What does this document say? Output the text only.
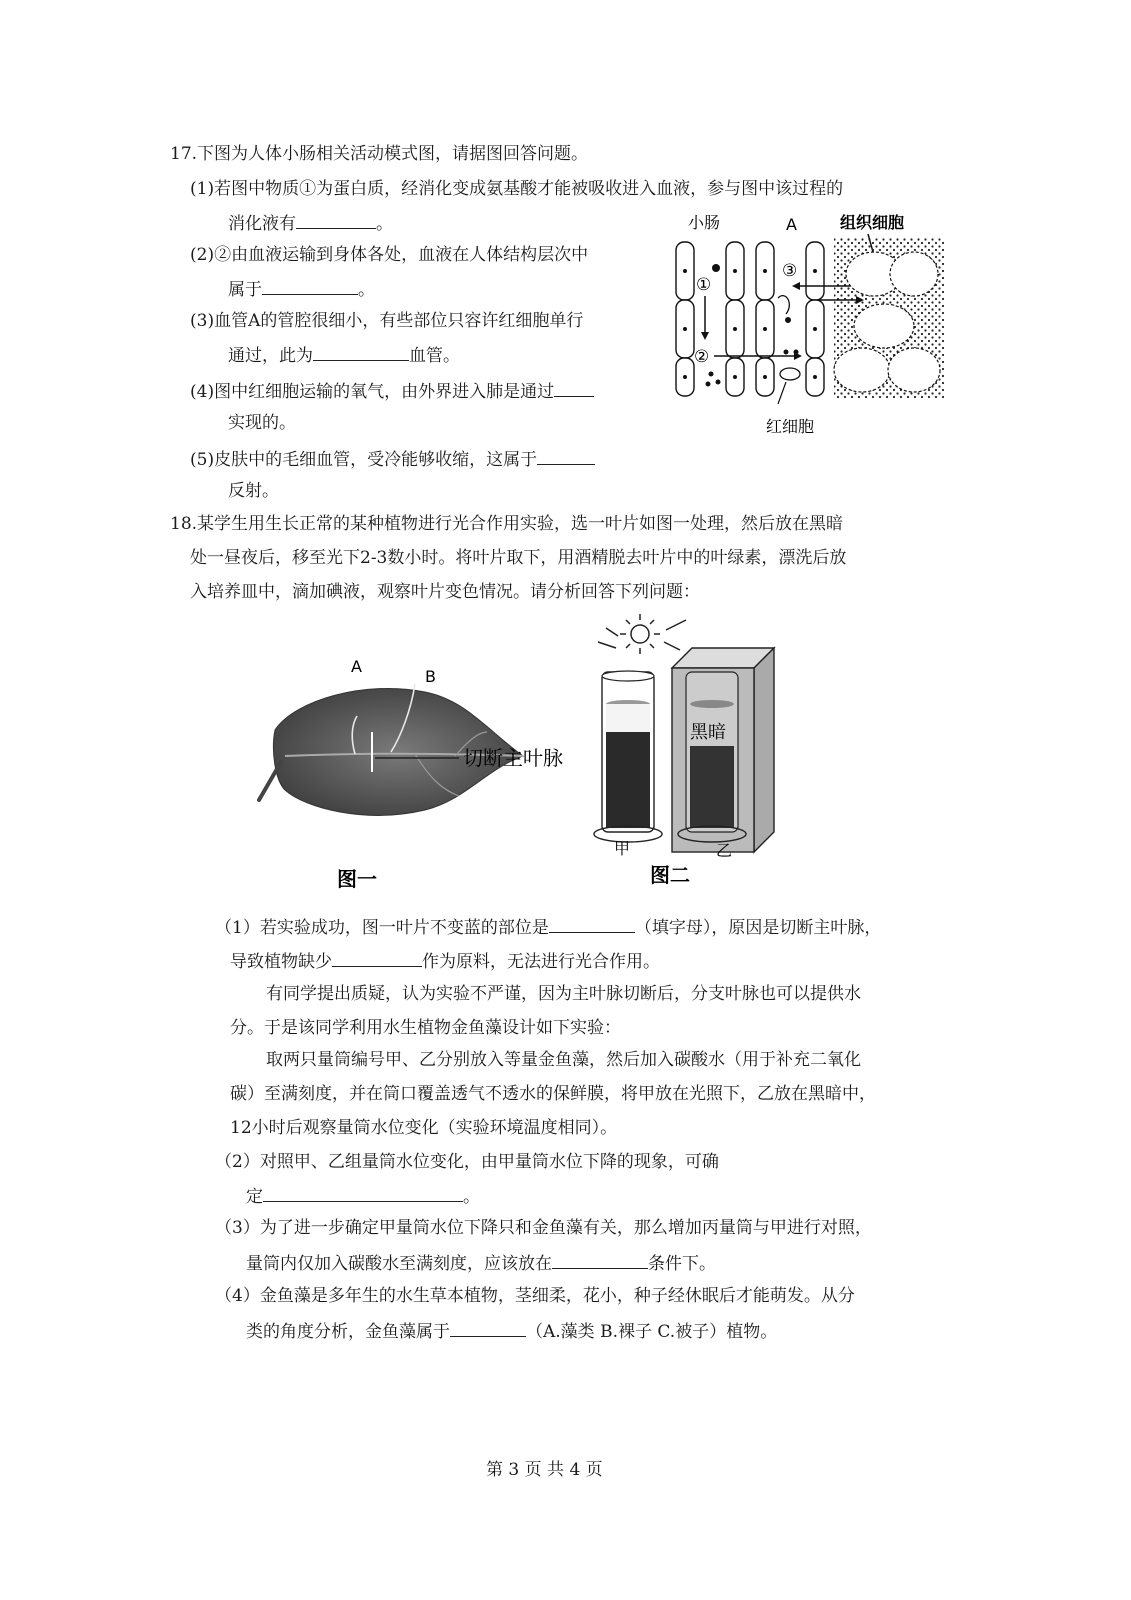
17.下图为人体小肠相关活动模式图，请据图回答问题。
(1)若图中物质①为蛋白质，经消化变成氨基酸才能被吸收进入血液，参与图中该过程的
消化液有	。
(2)②由血液运输到身体各处，血液在人体结构层次中
属于	。
(3)血管A的管腔很细小，有些部位只容许红细胞单行
通过，此为	血管。
(4)图中红细胞运输的氧气，由外界进入肺是通过
实现的。
(5)皮肤中的毛细血管，受冷能够收缩，这属于
反射。
小肠	A	组织细胞
①
②
③
红细胞
18.某学生用生长正常的某种植物进行光合作用实验，选一叶片如图一处理，然后放在黑暗
处一昼夜后，移至光下2-3数小时。将叶片取下，用酒精脱去叶片中的叶绿素，漂洗后放
入培养皿中，滴加碘液，观察叶片变色情况。请分析回答下列问题：
A
B
切断主叶脉
图一
黑暗
甲	乙
图二
（1）若实验成功，图一叶片不变蓝的部位是	（填字母），原因是切断主叶脉，
导致植物缺少	作为原料，无法进行光合作用。
有同学提出质疑，认为实验不严谨，因为主叶脉切断后，分支叶脉也可以提供水
分。于是该同学利用水生植物金鱼藻设计如下实验：
取两只量筒编号甲、乙分别放入等量金鱼藻，然后加入碳酸水（用于补充二氧化
碳）至满刻度，并在筒口覆盖透气不透水的保鲜膜，将甲放在光照下，乙放在黑暗中，
12小时后观察量筒水位变化（实验环境温度相同）。
（2）对照甲、乙组量筒水位变化，由甲量筒水位下降的现象，可确
定	。
（3）为了进一步确定甲量筒水位下降只和金鱼藻有关，那么增加丙量筒与甲进行对照，
量筒内仅加入碳酸水至满刻度，应该放在	条件下。
（4）金鱼藻是多年生的水生草本植物，茎细柔，花小，种子经休眠后才能萌发。从分
类的角度分析，金鱼藻属于	（A.藻类 B.裸子 C.被子）植物。
第 3 页 共 4 页
